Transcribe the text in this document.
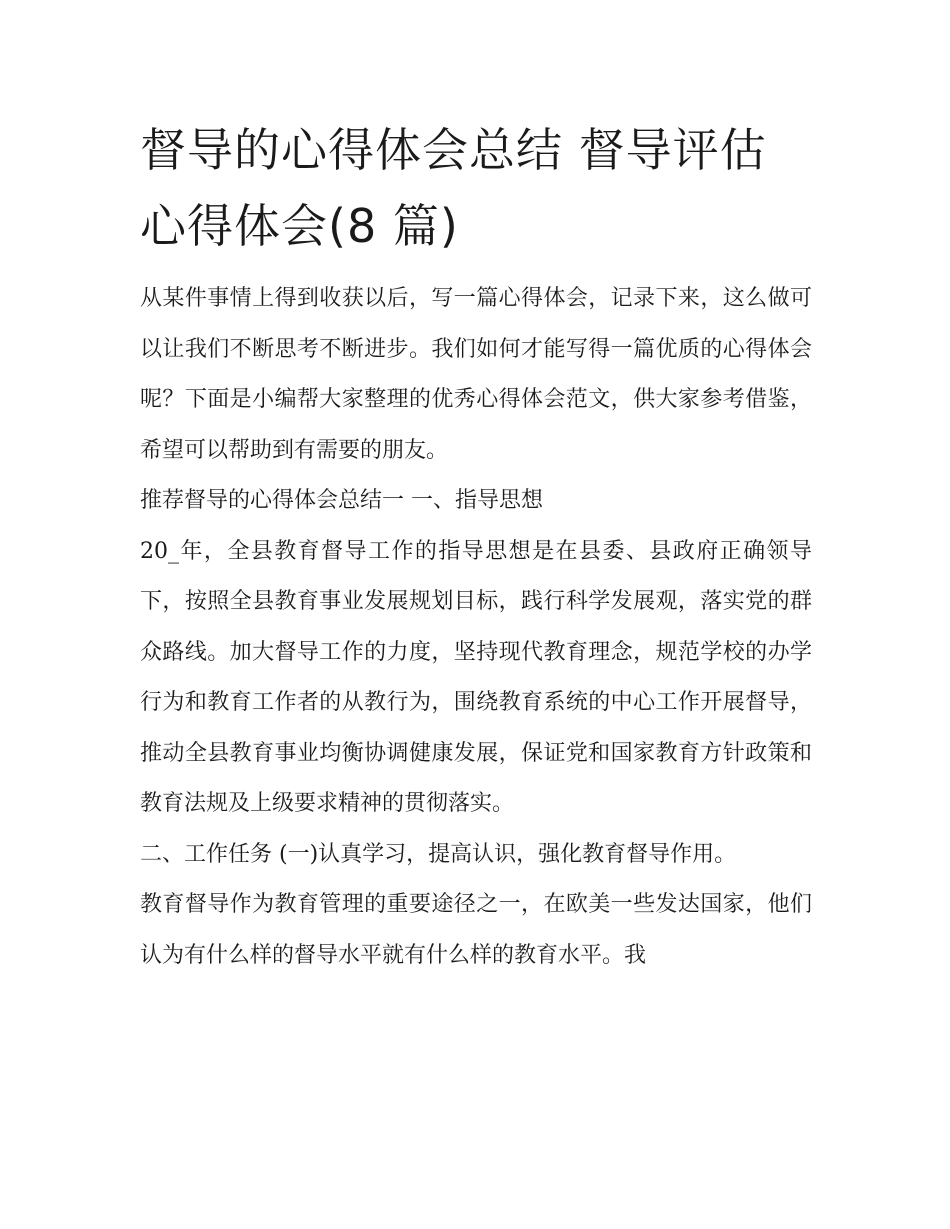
督导的心得体会总结 督导评估
心得体会(8 篇)

从某件事情上得到收获以后，写一篇心得体会，记录下来，这么做可以让我们不断思考不断进步。我们如何才能写得一篇优质的心得体会呢？下面是小编帮大家整理的优秀心得体会范文，供大家参考借鉴，希望可以帮助到有需要的朋友。

推荐督导的心得体会总结一 一、指导思想

20_年，全县教育督导工作的指导思想是在县委、县政府正确领导下，按照全县教育事业发展规划目标，践行科学发展观，落实党的群众路线。加大督导工作的力度，坚持现代教育理念，规范学校的办学行为和教育工作者的从教行为，围绕教育系统的中心工作开展督导，推动全县教育事业均衡协调健康发展，保证党和国家教育方针政策和教育法规及上级要求精神的贯彻落实。

二、工作任务 (一)认真学习，提高认识，强化教育督导作用。

教育督导作为教育管理的重要途径之一，在欧美一些发达国家，他们认为有什么样的督导水平就有什么样的教育水平。我
